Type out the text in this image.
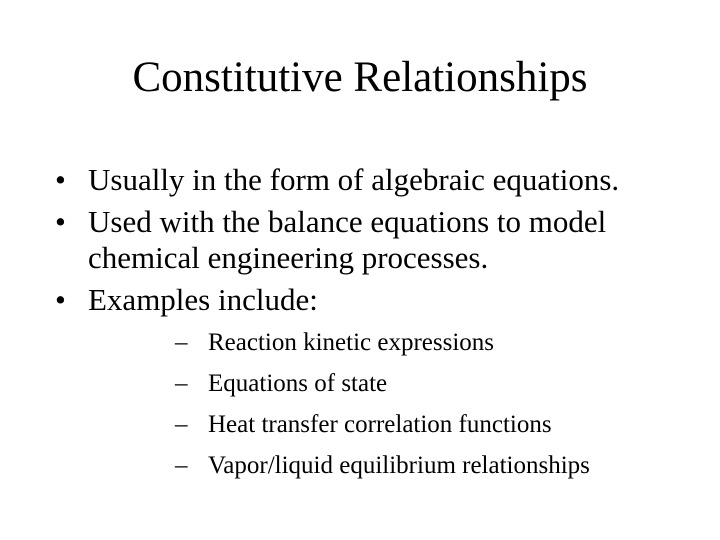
Constitutive Relationships
• Usually in the form of algebraic equations.
• Used with the balance equations to model chemical engineering processes.
• Examples include:
– Reaction kinetic expressions
– Equations of state
– Heat transfer correlation functions
– Vapor/liquid equilibrium relationships
